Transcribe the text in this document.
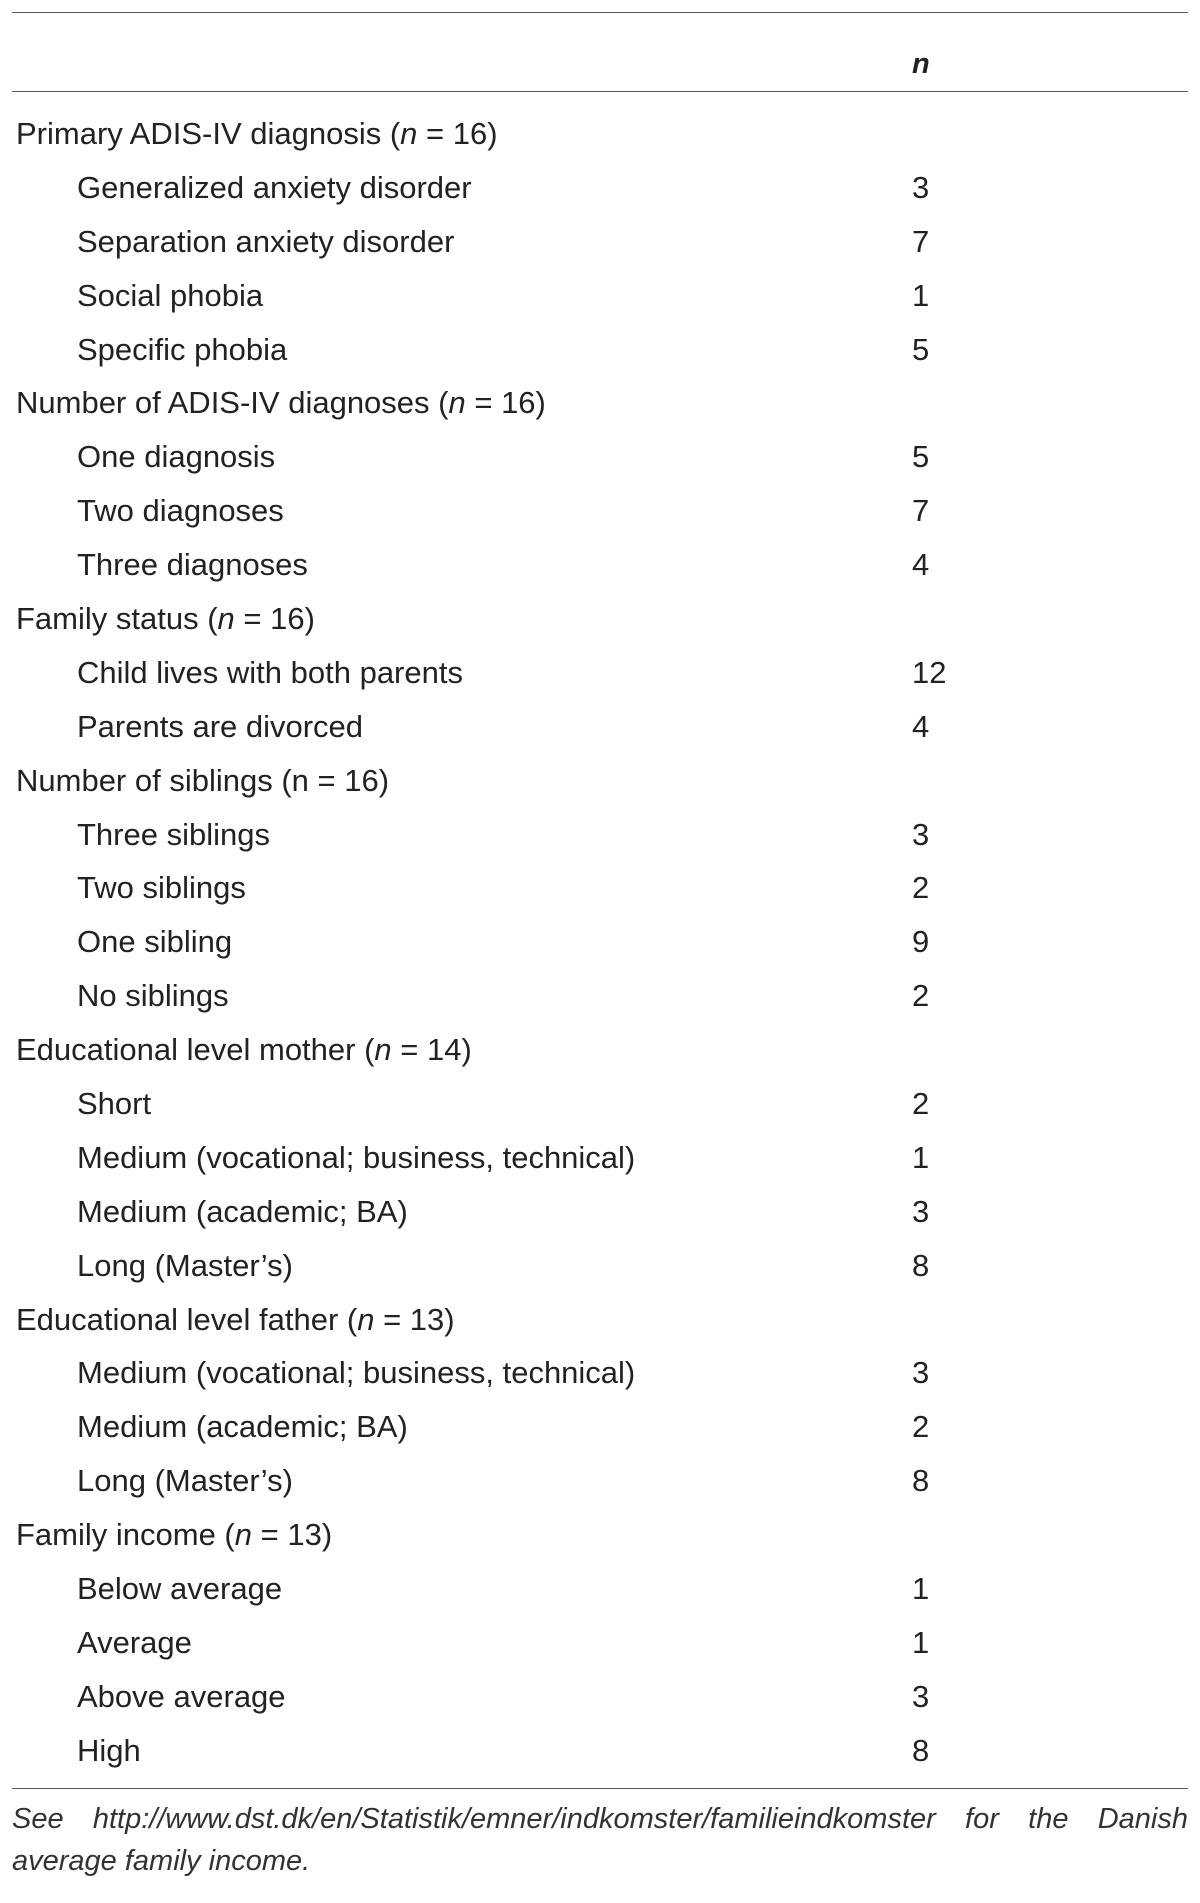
n
Primary ADIS-IV diagnosis (n = 16)
Generalized anxiety disorder	3
Separation anxiety disorder	7
Social phobia	1
Specific phobia	5
Number of ADIS-IV diagnoses (n = 16)
One diagnosis	5
Two diagnoses	7
Three diagnoses	4
Family status (n = 16)
Child lives with both parents	12
Parents are divorced	4
Number of siblings (n = 16)
Three siblings	3
Two siblings	2
One sibling	9
No siblings	2
Educational level mother (n = 14)
Short	2
Medium (vocational; business, technical)	1
Medium (academic; BA)	3
Long (Master’s)	8
Educational level father (n = 13)
Medium (vocational; business, technical)	3
Medium (academic; BA)	2
Long (Master’s)	8
Family income (n = 13)
Below average	1
Average	1
Above average	3
High	8
See http://www.dst.dk/en/Statistik/emner/indkomster/familieindkomster for the Danish average family income.
